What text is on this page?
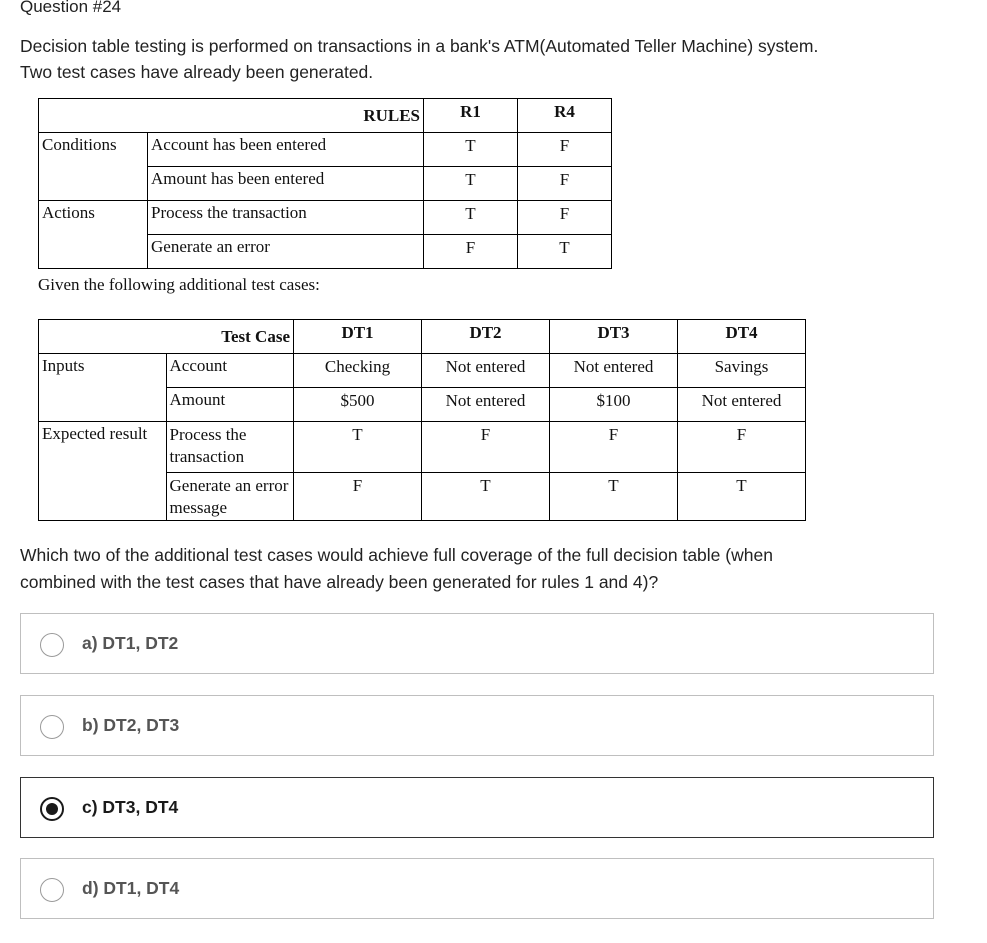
Question #24
Decision table testing is performed on transactions in a bank's ATM(Automated Teller Machine) system.
Two test cases have already been generated.
RULES		R1	R4
Conditions	Account has been entered	T	F
	Amount has been entered	T	F
Actions	Process the transaction	T	F
	Generate an error	F	T
Given the following additional test cases:
Test Case		DT1	DT2	DT3	DT4
Inputs	Account	Checking	Not entered	Not entered	Savings
	Amount	$500	Not entered	$100	Not entered
Expected result	Process the transaction	T	F	F	F
	Generate an error message	F	T	T	T
Which two of the additional test cases would achieve full coverage of the full decision table (when
combined with the test cases that have already been generated for rules 1 and 4)?
a) DT1, DT2
b) DT2, DT3
c) DT3, DT4
d) DT1, DT4
